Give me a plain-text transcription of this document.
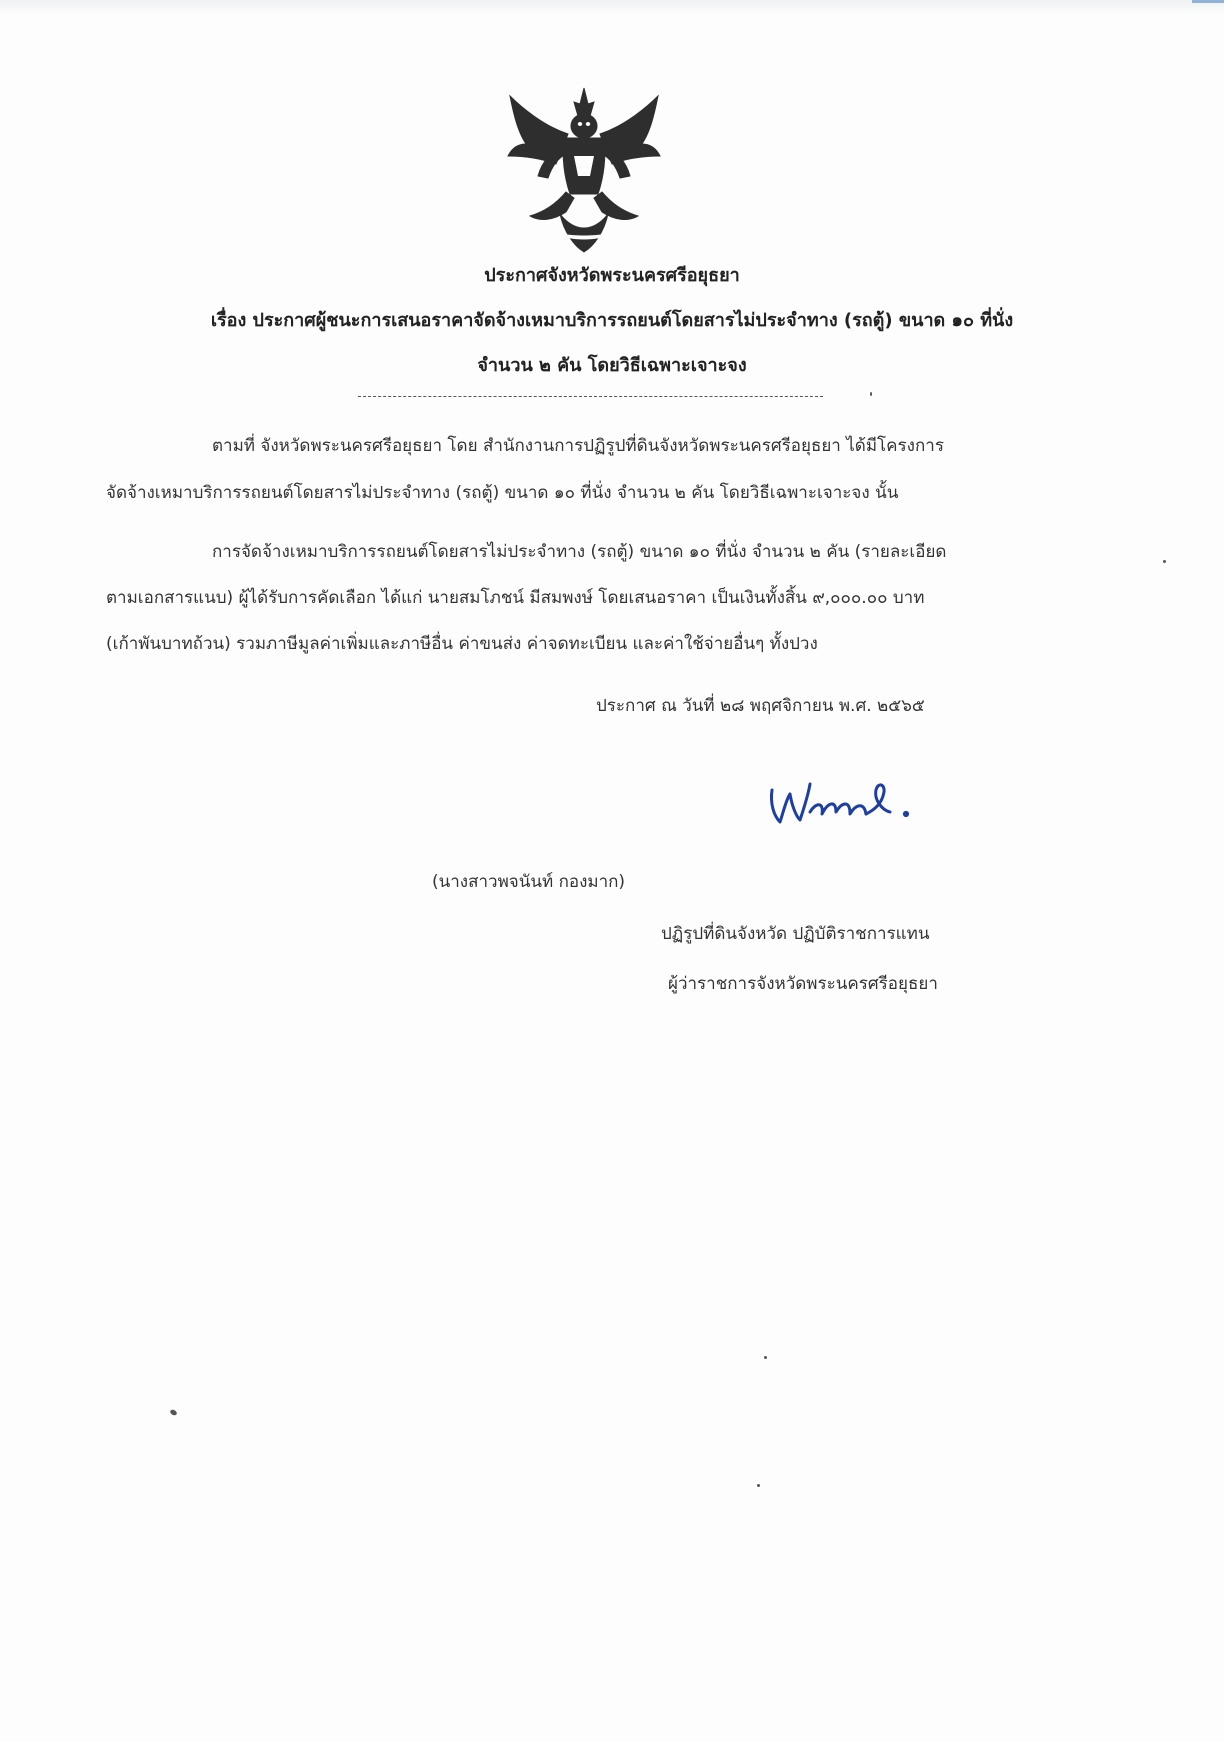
ประกาศจังหวัดพระนครศรีอยุธยา
เรื่อง ประกาศผู้ชนะการเสนอราคาจัดจ้างเหมาบริการรถยนต์โดยสารไม่ประจำทาง (รถตู้) ขนาด ๑๐ ที่นั่ง
จำนวน ๒ คัน โดยวิธีเฉพาะเจาะจง
ตามที่ จังหวัดพระนครศรีอยุธยา โดย สำนักงานการปฏิรูปที่ดินจังหวัดพระนครศรีอยุธยา ได้มีโครงการ
จัดจ้างเหมาบริการรถยนต์โดยสารไม่ประจำทาง (รถตู้) ขนาด ๑๐ ที่นั่ง จำนวน ๒ คัน โดยวิธีเฉพาะเจาะจง นั้น
การจัดจ้างเหมาบริการรถยนต์โดยสารไม่ประจำทาง (รถตู้) ขนาด ๑๐ ที่นั่ง จำนวน ๒ คัน (รายละเอียด
ตามเอกสารแนบ) ผู้ได้รับการคัดเลือก ได้แก่ นายสมโภชน์ มีสมพงษ์ โดยเสนอราคา เป็นเงินทั้งสิ้น ๙,๐๐๐.๐๐ บาท
(เก้าพันบาทถ้วน) รวมภาษีมูลค่าเพิ่มและภาษีอื่น ค่าขนส่ง ค่าจดทะเบียน และค่าใช้จ่ายอื่นๆ ทั้งปวง
ประกาศ ณ วันที่ ๒๘ พฤศจิกายน พ.ศ. ๒๕๖๕
(นางสาวพจนันท์ กองมาก)
ปฏิรูปที่ดินจังหวัด ปฏิบัติราชการแทน
ผู้ว่าราชการจังหวัดพระนครศรีอยุธยา
